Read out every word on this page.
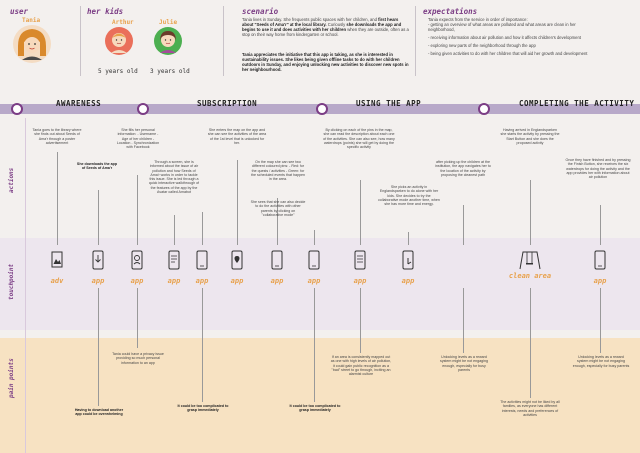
user	her kids	scenario	expectations
Tania	Arthur
5 years old
Julie
3 years old
Tania lives in Sunday. She frequents public spaces with her children, and first hears about "Seeds of Ama'r" at the local library. Curiously she downloads the app and begins to use it and does activities with her children when they are outside, often as a stop on their way home from kindergarten or school.
Tania appreciates the initiative that this app is taking, as she is interested in sustainability issues. She likes being given offline tasks to do with her children outdoors in Sunday, and enjoying unlocking new activities to discover new spots in her neighbourhood.
Tania expects from the service in order of importance:
- getting an overview of what areas are polluted and what areas are clean in her neighborhood,
- receiving information about air pollution and how it affects children's development
- exploring new parts of the neighborhood through the app
- being given activities to do with her children that will aid her growth and development
AWARENESS	SUBSCRIPTION	USING THE APP	COMPLETING THE ACTIVITY
actions
touchpoint
pain points
Tania goes to the library where she finds out about Seeds of Ama'r through a poster advertisement
She downloads the app of Seeds of Ama'r
She fills her personal information: - Username - Age of her children - Location - Synchronization with Facebook
Through a screen, she is informed about the issue of air pollution and how Seeds of Ama'r works in order to tackle this issue. She is led through a quick interactive walkthrough of the features of the app by the Avatar called Amabot
She enters the map on the app and she can see the activities of the area of the 1st level that is unlocked for her.
On the map she can see two different coloured pins: - Red: for the quests / activities - Green: for the scheduled events that happen in the area.
She sees that she can also decide to do the activities with other parents by clicking on "collaborative mode"
By clicking on each of the pins in the map, she can read the description about each one of the activities. She can also see, how many waterdrops (points) she will get by doing the specific activity
She picks an activity in Englandsparken to do alone with her kids. She decides to try the collaborative mode another time, when she has more time and energy.
after picking up the children at the institution, the app navigates her to the location of the activity by proposing the cleanest path
Having arrived in Englandsparken she starts the activity by pressing the Start Button and she does the proposed activity
Once they have finished and by pressing the Finish Button, she receives the six waterdrops for doing the activity and the app provides her with information about air pollution
adv	app	app	app	app	app	app	app	app	app
clean area
app
Having to download another app could be overwhelming
Tania could have a privacy issue providing so much personal information to an app
It could be too complicated to grasp immediately
It could be too complicated to grasp immediately
If an area is consistently mapped out as one with high levels of air pollution, it could gain public recognition as a "bad" street to go through, inciting an alarmist culture
Unlocking levels as a reward system might be not engaging enough, especially for busy parents
Unlocking levels as a reward system might be not engaging enough, especially for busy parents
The activities might not be liked by all families, as everyone has different interests, needs and preferences of activities
